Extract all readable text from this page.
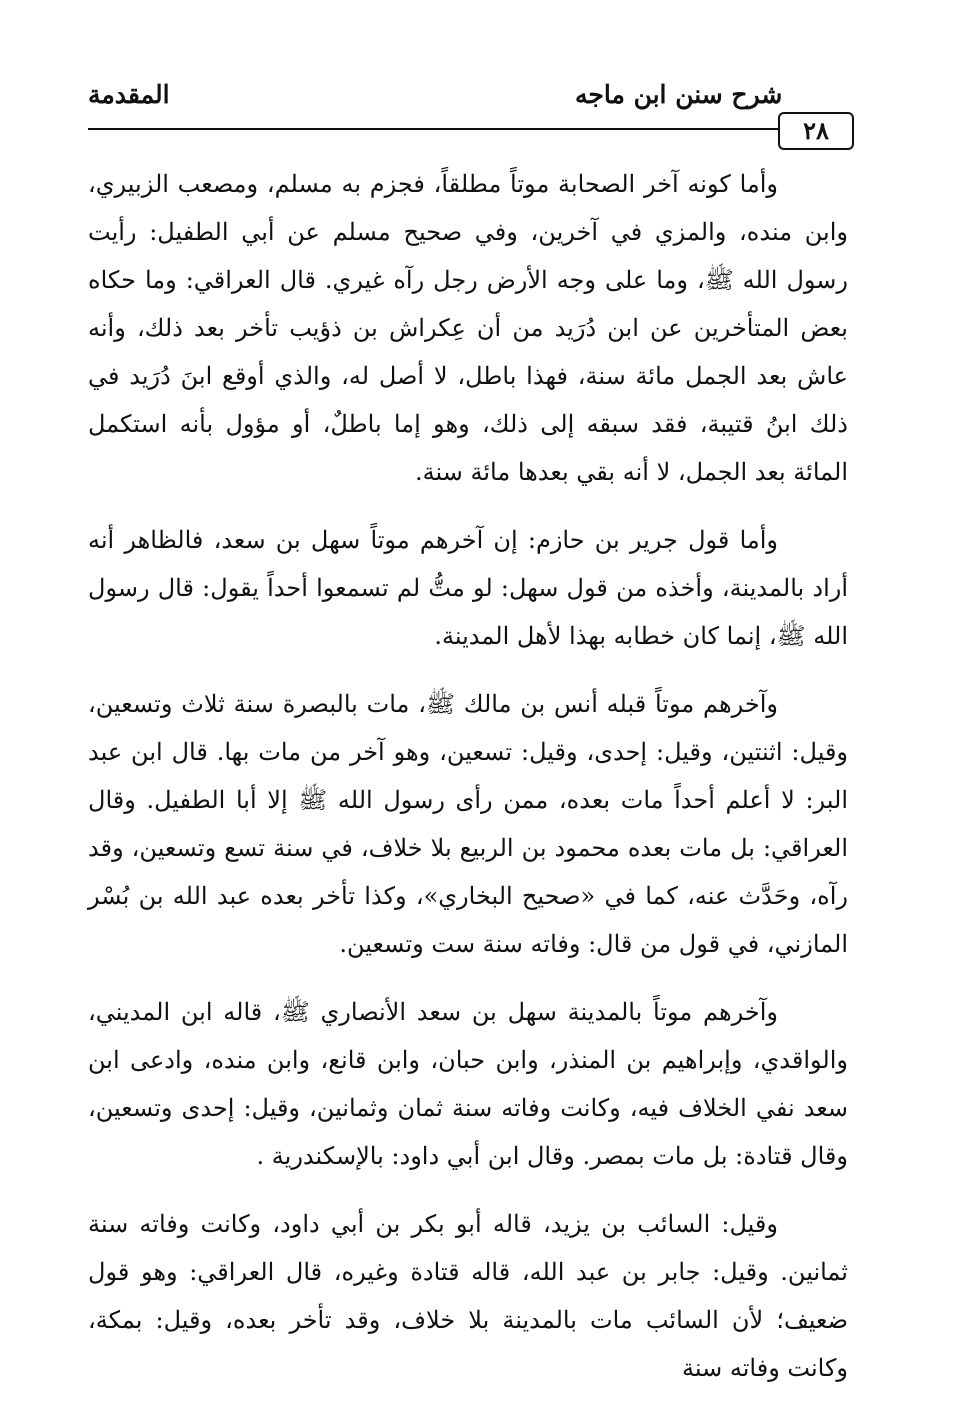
المقدمة	شرح سنن ابن ماجه
٢٨

وأما كونه آخر الصحابة موتاً مطلقاً، فجزم به مسلم، ومصعب الزبيري، وابن منده، والمزي في آخرين، وفي صحيح مسلم عن أبي الطفيل: رأيت رسول الله ﷺ، وما على وجه الأرض رجل رآه غيري. قال العراقي: وما حكاه بعض المتأخرين عن ابن دُرَيد من أن عِكراش بن ذؤيب تأخر بعد ذلك، وأنه عاش بعد الجمل مائة سنة، فهذا باطل، لا أصل له، والذي أوقع ابنَ دُرَيد في ذلك ابنُ قتيبة، فقد سبقه إلى ذلك، وهو إما باطلٌ، أو مؤول بأنه استكمل المائة بعد الجمل، لا أنه بقي بعدها مائة سنة.

وأما قول جرير بن حازم: إن آخرهم موتاً سهل بن سعد، فالظاهر أنه أراد بالمدينة، وأخذه من قول سهل: لو متُّ لم تسمعوا أحداً يقول: قال رسول الله ﷺ، إنما كان خطابه بهذا لأهل المدينة.

وآخرهم موتاً قبله أنس بن مالك ﷺ، مات بالبصرة سنة ثلاث وتسعين، وقيل: اثنتين، وقيل: إحدى، وقيل: تسعين، وهو آخر من مات بها. قال ابن عبد البر: لا أعلم أحداً مات بعده، ممن رأى رسول الله ﷺ إلا أبا الطفيل. وقال العراقي: بل مات بعده محمود بن الربيع بلا خلاف، في سنة تسع وتسعين، وقد رآه، وحَدَّث عنه، كما في «صحيح البخاري»، وكذا تأخر بعده عبد الله بن بُسْر المازني، في قول من قال: وفاته سنة ست وتسعين.

وآخرهم موتاً بالمدينة سهل بن سعد الأنصاري ﷺ، قاله ابن المديني، والواقدي، وإبراهيم بن المنذر، وابن حبان، وابن قانع، وابن منده، وادعى ابن سعد نفي الخلاف فيه، وكانت وفاته سنة ثمان وثمانين، وقيل: إحدى وتسعين، وقال قتادة: بل مات بمصر. وقال ابن أبي داود: بالإسكندرية .

وقيل: السائب بن يزيد، قاله أبو بكر بن أبي داود، وكانت وفاته سنة ثمانين. وقيل: جابر بن عبد الله، قاله قتادة وغيره، قال العراقي: وهو قول ضعيف؛ لأن السائب مات بالمدينة بلا خلاف، وقد تأخر بعده، وقيل: بمكة، وكانت وفاته سنة
